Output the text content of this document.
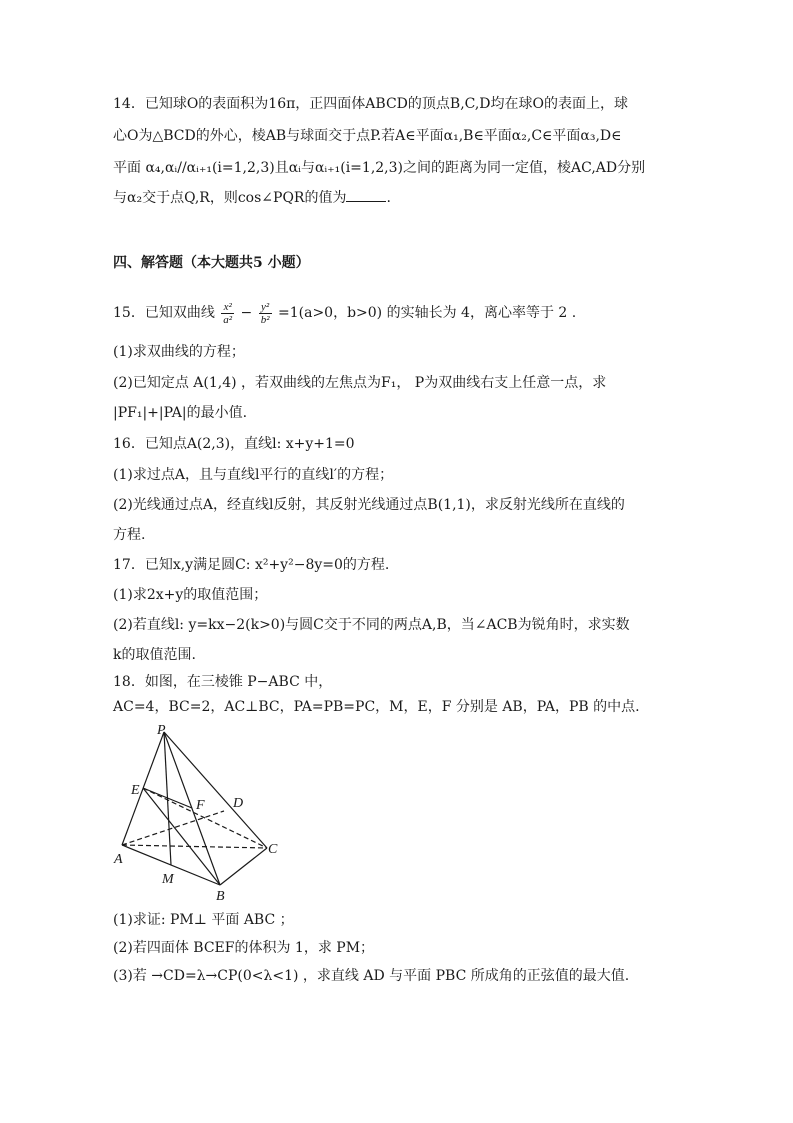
14．已知球O的表面积为16π，正四面体ABCD的顶点B,C,D均在球O的表面上，球
心O为△BCD的外心，棱AB与球面交于点P.若A∈平面α₁,B∈平面α₂,C∈平面α₃,D∈
平面 α₄,αᵢ//αᵢ₊₁(i=1,2,3)且αᵢ与αᵢ₊₁(i=1,2,3)之间的距离为同一定值，棱AC,AD分别
与α₂交于点Q,R，则cos∠PQR的值为	.
四、解答题（本大题共5 小题）
15．已知双曲线 $\frac{\text{x²}}{\text{a²}} - \frac{\text{y²}}{\text{b²}} =1(a>0$，b>0) 的实轴长为 4，离心率等于 2 .
(1)求双曲线的方程；
(2)已知定点 A(1,4) ，若双曲线的左焦点为F₁， P为双曲线右支上任意一点，求
|PF₁|+|PA|的最小值.
16．已知点A(2,3)，直线l: x+y+1=0
(1)求过点A，且与直线l平行的直线l′的方程；
(2)光线通过点A，经直线l反射，其反射光线通过点B(1,1)，求反射光线所在直线的
方程.
17．已知x,y满足圆C: x²+y²−8y=0的方程.
(1)求2x+y的取值范围；
(2)若直线l: y=kx−2(k>0)与圆C交于不同的两点A,B，当∠ACB为锐角时，求实数
k的取值范围.
18．如图，在三棱锥 P−ABC 中，
AC=4，BC=2，AC⊥BC，PA=PB=PC，M，E，F 分别是 AB，PA，PB 的中点.
P
E
F D
A
M
B
C
(1)求证: PM⊥ 平面 ABC ；
(2)若四面体 BCEF的体积为 1，求 PM；
(3)若 →CD=λ→CP(0<λ<1) ，求直线 AD 与平面 PBC 所成角的正弦值的最大值.
